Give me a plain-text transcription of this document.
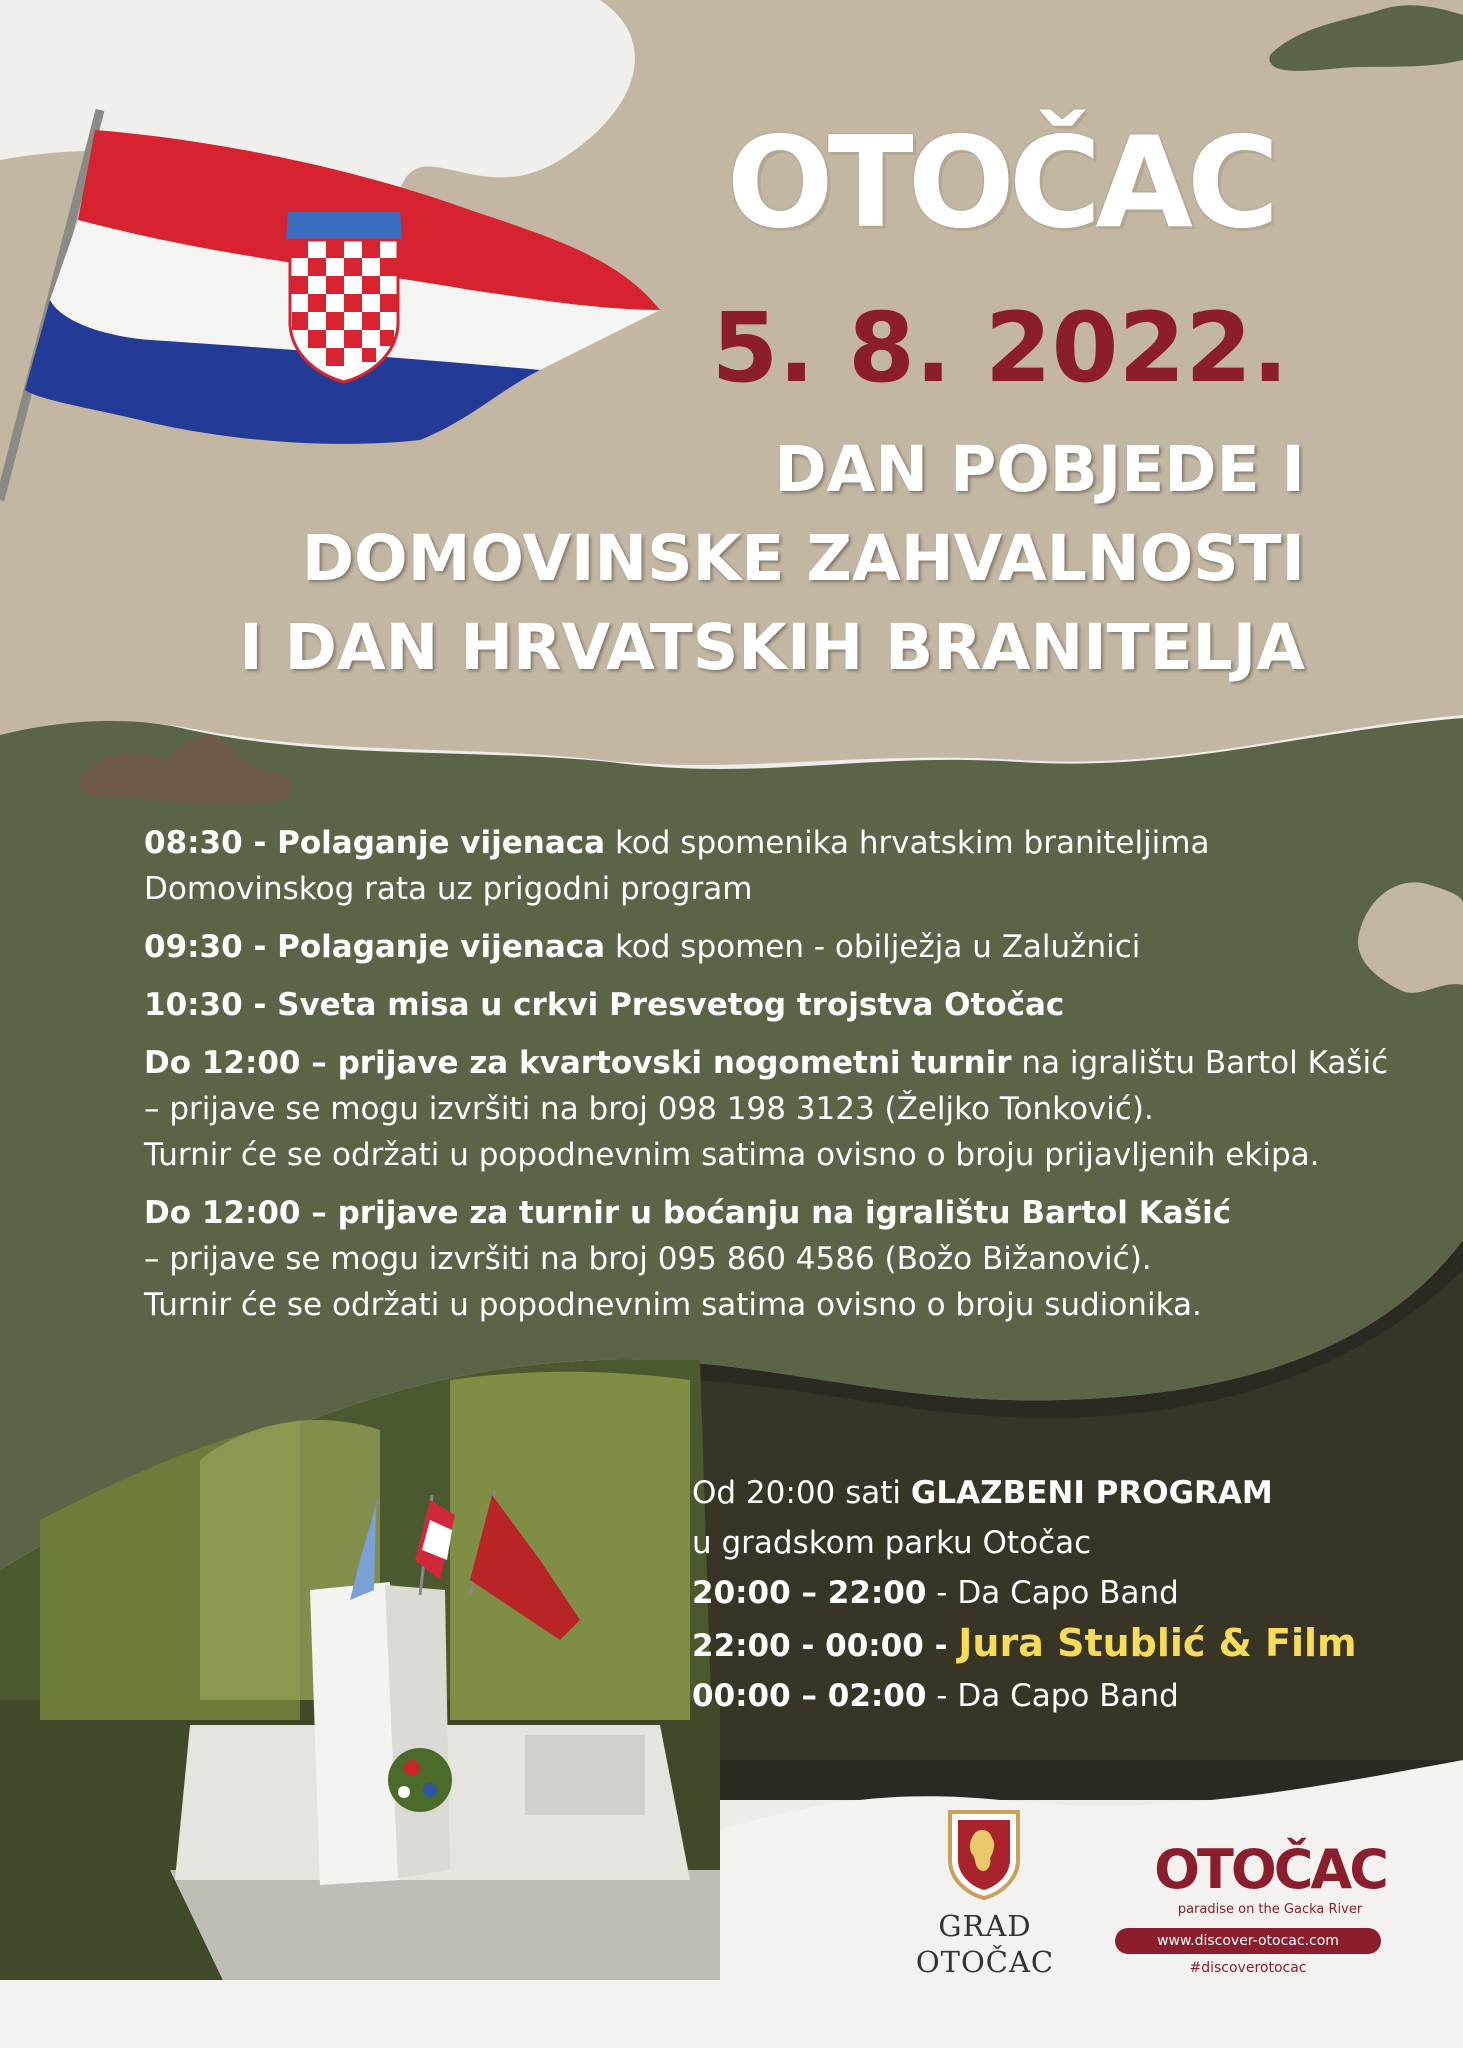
OTOČAC
5. 8. 2022.
DAN POBJEDE I
DOMOVINSKE ZAHVALNOSTI
I DAN HRVATSKIH BRANITELJA
08:30 - Polaganje vijenaca kod spomenika hrvatskim braniteljima
Domovinskog rata uz prigodni program
09:30 - Polaganje vijenaca kod spomen - obilježja u Zalužnici
10:30 - Sveta misa u crkvi Presvetog trojstva Otočac
Do 12:00 – prijave za kvartovski nogometni turnir na igralištu Bartol Kašić
– prijave se mogu izvršiti na broj 098 198 3123 (Željko Tonković).
Turnir će se održati u popodnevnim satima ovisno o broju prijavljenih ekipa.
Do 12:00 – prijave za turnir u boćanju na igralištu Bartol Kašić
– prijave se mogu izvršiti na broj 095 860 4586 (Božo Bižanović).
Turnir će se održati u popodnevnim satima ovisno o broju sudionika.
Od 20:00 sati GLAZBENI PROGRAM
u gradskom parku Otočac
20:00 – 22:00 - Da Capo Band
22:00 - 00:00 - Jura Stublić & Film
00:00 – 02:00 - Da Capo Band
GRAD
OTOČAC
OTOČAC
paradise on the Gacka River
www.discover-otocac.com
#discoverotocac
